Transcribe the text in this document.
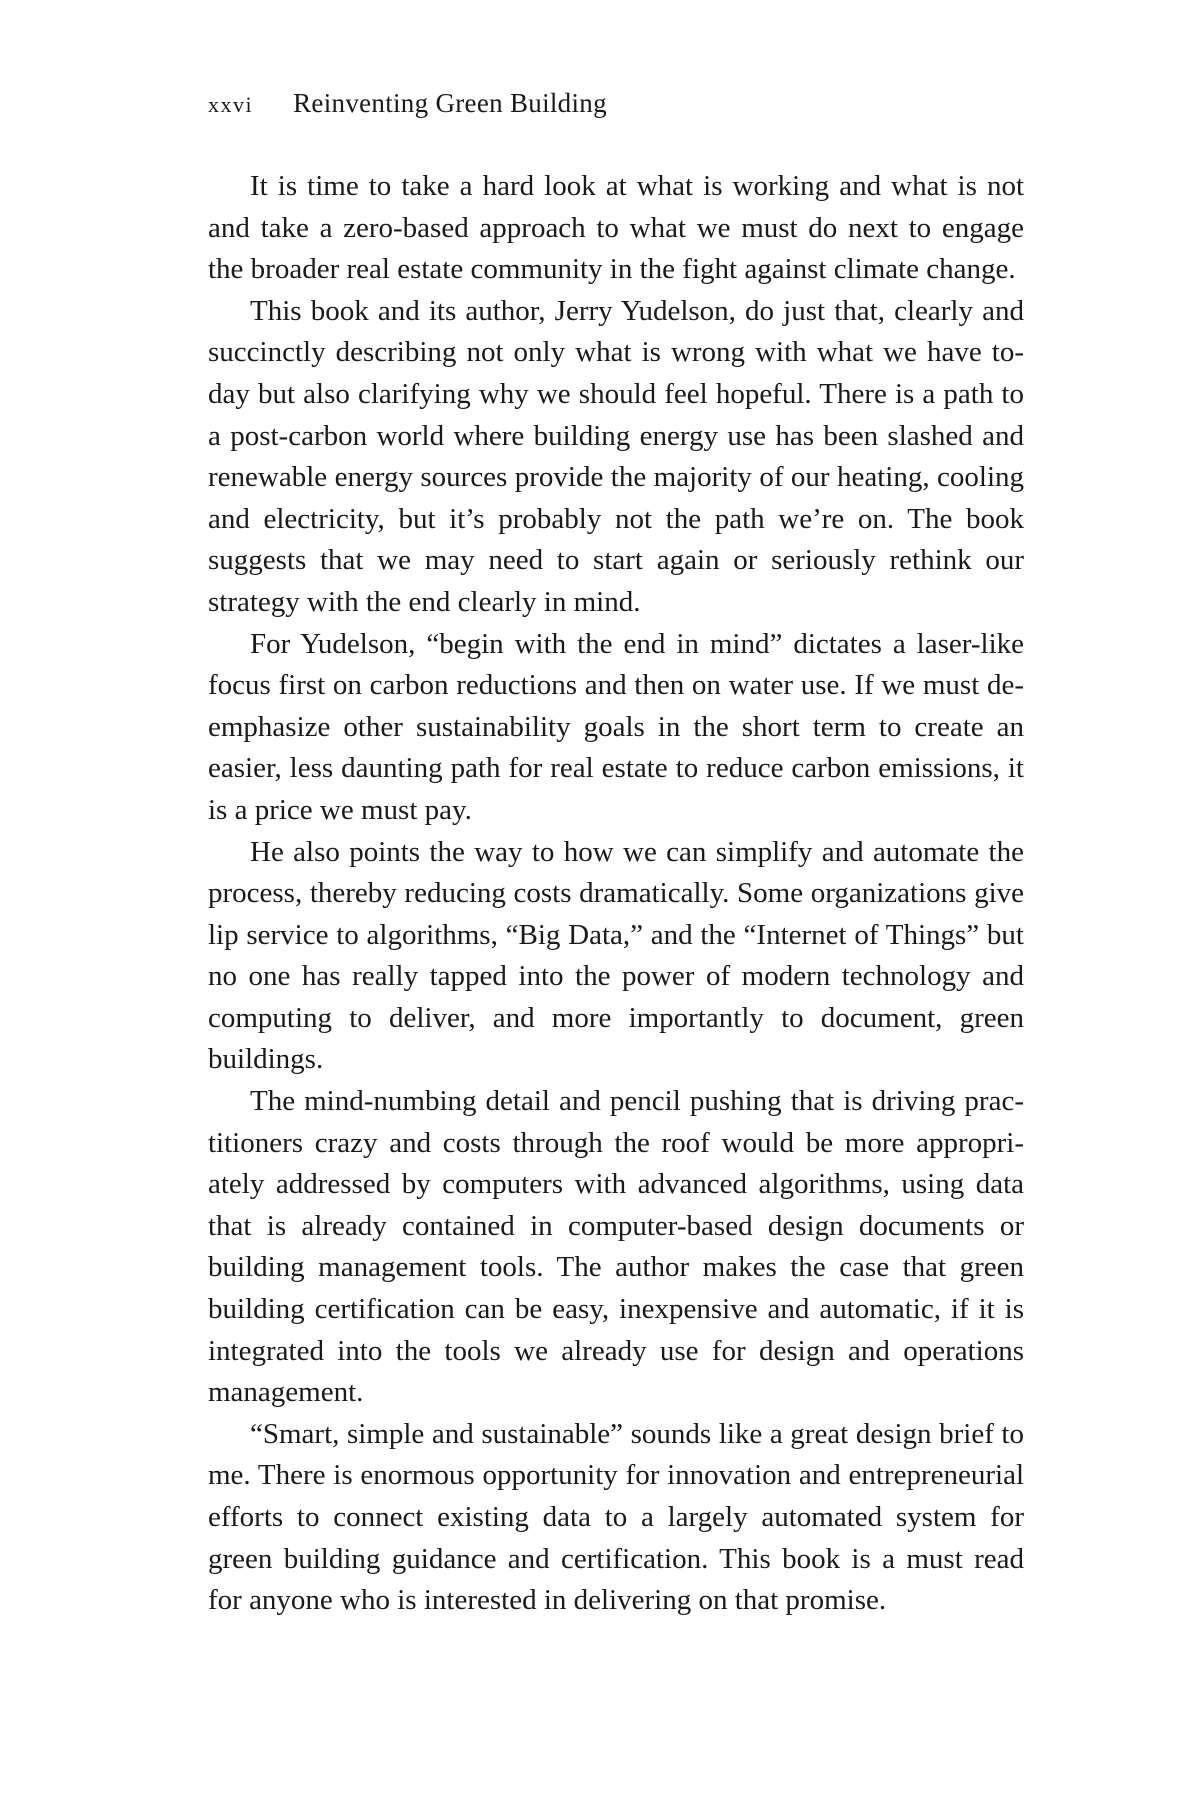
xxvi Reinventing Green Building

It is time to take a hard look at what is working and what is not and take a zero-based approach to what we must do next to engage the broader real estate community in the fight against climate change.

This book and its author, Jerry Yudelson, do just that, clearly and succinctly describing not only what is wrong with what we have today but also clarifying why we should feel hopeful. There is a path to a post-carbon world where building energy use has been slashed and renewable energy sources provide the majority of our heating, cooling and electricity, but it’s probably not the path we’re on. The book suggests that we may need to start again or seriously rethink our strategy with the end clearly in mind.

For Yudelson, “begin with the end in mind” dictates a laser-like focus first on carbon reductions and then on water use. If we must de-emphasize other sustainability goals in the short term to create an easier, less daunting path for real estate to reduce carbon emissions, it is a price we must pay.

He also points the way to how we can simplify and automate the process, thereby reducing costs dramatically. Some organizations give lip service to algorithms, “Big Data,” and the “Internet of Things” but no one has really tapped into the power of modern technology and computing to deliver, and more importantly to document, green buildings.

The mind-numbing detail and pencil pushing that is driving practitioners crazy and costs through the roof would be more appropriately addressed by computers with advanced algorithms, using data that is already contained in computer-based design documents or building management tools. The author makes the case that green building certification can be easy, inexpensive and automatic, if it is integrated into the tools we already use for design and operations management.

“Smart, simple and sustainable” sounds like a great design brief to me. There is enormous opportunity for innovation and entrepreneurial efforts to connect existing data to a largely automated system for green building guidance and certification. This book is a must read for anyone who is interested in delivering on that promise.
